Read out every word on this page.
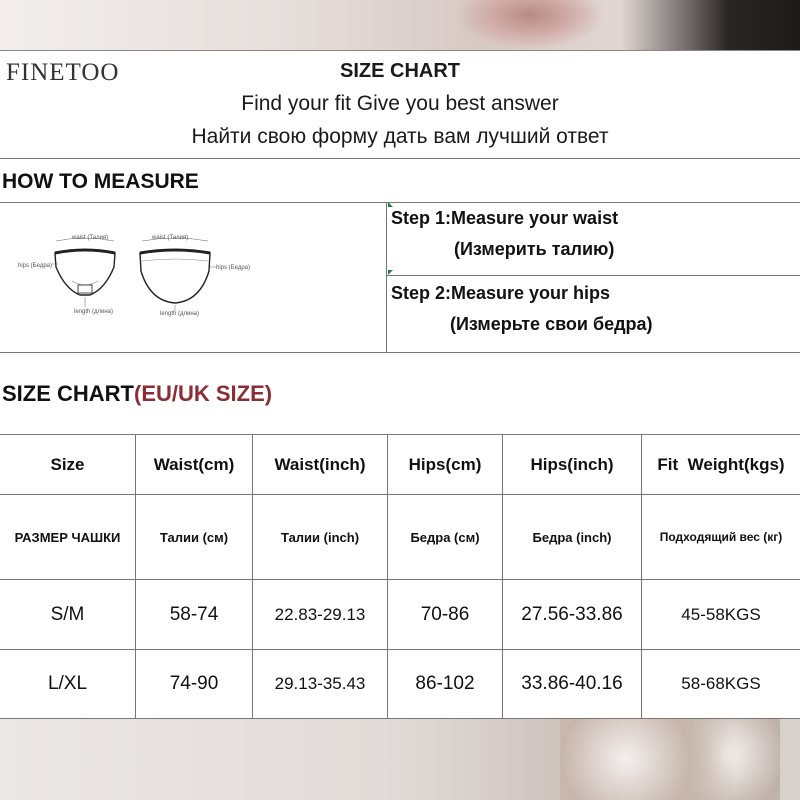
FINETOO	SIZE CHART
Find your fit Give you best answer
Найти свою форму дать вам лучший ответ
HOW TO MEASURE
waist (Талия)	waist (Талия)
hips (Бедра)	hips (Бедра)
length (длина)	length (длина)
Step 1:Measure your waist
(Измерить талию)
Step 2:Measure your hips
(Измерьте свои бедра)
SIZE CHART(EU/UK SIZE)
Size	Waist(cm)	Waist(inch)	Hips(cm)	Hips(inch)	Fit  Weight(kgs)
РАЗМЕР ЧАШКИ	Талии (см)	Талии (inch)	Бедра (см)	Бедра (inch)	Подходящий вес (кг)
S/M	58-74	22.83-29.13	70-86	27.56-33.86	45-58KGS
L/XL	74-90	29.13-35.43	86-102	33.86-40.16	58-68KGS
